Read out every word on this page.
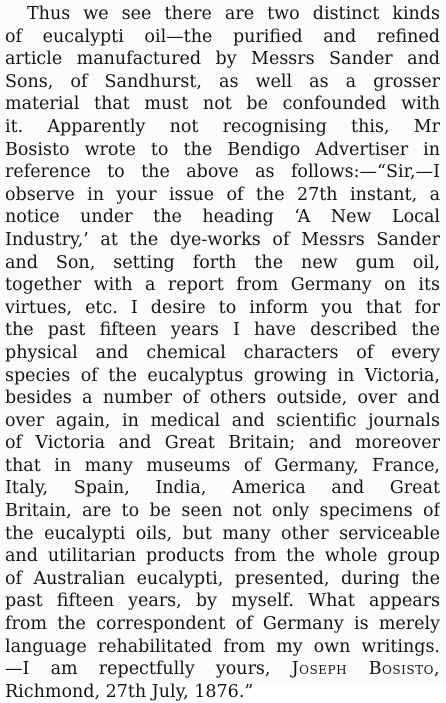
Thus we see there are two distinct kinds
of eucalypti oil—the purified and refined
article manufactured by Messrs Sander and
Sons, of Sandhurst, as well as a grosser
material that must not be confounded with
it. Apparently not recognising this, Mr
Bosisto wrote to the Bendigo Advertiser in
reference to the above as follows:—“Sir,—I
observe in your issue of the 27th instant, a
notice under the heading ‘A New Local
Industry,’ at the dye-works of Messrs Sander
and Son, setting forth the new gum oil,
together with a report from Germany on its
virtues, etc. I desire to inform you that for
the past fifteen years I have described the
physical and chemical characters of every
species of the eucalyptus growing in Victoria,
besides a number of others outside, over and
over again, in medical and scientific journals
of Victoria and Great Britain; and moreover
that in many museums of Germany, France,
Italy, Spain, India, America and Great
Britain, are to be seen not only specimens of
the eucalypti oils, but many other serviceable
and utilitarian products from the whole group
of Australian eucalypti, presented, during the
past fifteen years, by myself. What appears
from the correspondent of Germany is merely
language rehabilitated from my own writings.
—I am repectfully yours, Joseph Bosisto,
Richmond, 27th July, 1876.”
